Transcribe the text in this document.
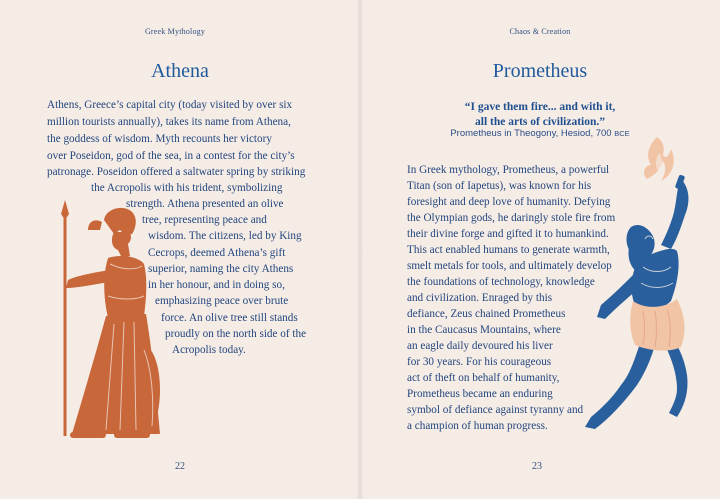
Greek Mythology
Athena
Athens, Greece’s capital city (today visited by over six
million tourists annually), takes its name from Athena,
the goddess of wisdom. Myth recounts her victory
over Poseidon, god of the sea, in a contest for the city’s
patronage. Poseidon offered a saltwater spring by striking
the Acropolis with his trident, symbolizing
strength. Athena presented an olive
tree, representing peace and
wisdom. The citizens, led by King
Cecrops, deemed Athena’s gift
superior, naming the city Athens
in her honour, and in doing so,
emphasizing peace over brute
force. An olive tree still stands
proudly on the north side of the
Acropolis today.
22
Chaos & Creation
Prometheus
“I gave them fire... and with it,
all the arts of civilization.”
Prometheus in Theogony, Hesiod, 700 BCE
In Greek mythology, Prometheus, a powerful
Titan (son of Iapetus), was known for his
foresight and deep love of humanity. Defying
the Olympian gods, he daringly stole fire from
their divine forge and gifted it to humankind.
This act enabled humans to generate warmth,
smelt metals for tools, and ultimately develop
the foundations of technology, knowledge
and civilization. Enraged by this
defiance, Zeus chained Prometheus
in the Caucasus Mountains, where
an eagle daily devoured his liver
for 30 years. For his courageous
act of theft on behalf of humanity,
Prometheus became an enduring
symbol of defiance against tyranny and
a champion of human progress.
23
